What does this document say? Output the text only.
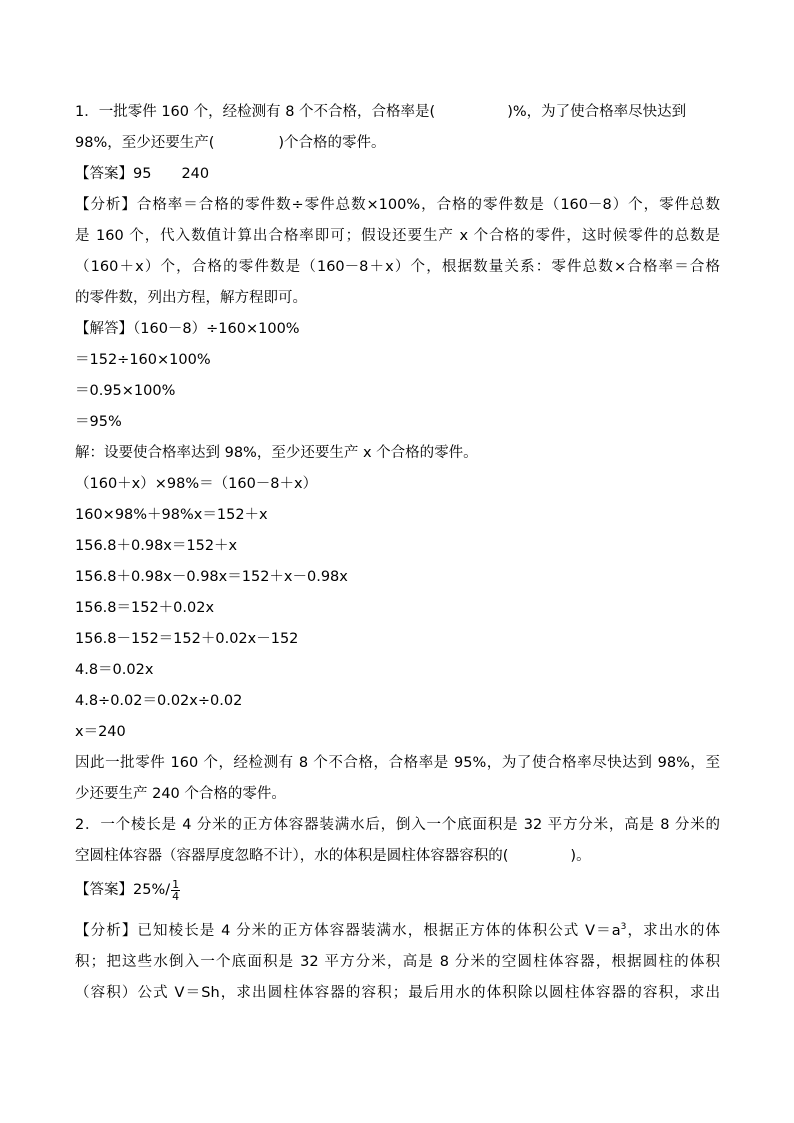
1．一批零件 160 个，经检测有 8 个不合格，合格率是(	)%，为了使合格率尽快达到
98%，至少还要生产(	)个合格的零件。
【答案】95 240
【分析】合格率＝合格的零件数÷零件总数×100%，合格的零件数是（160－8）个，零件总数
是 160 个，代入数值计算出合格率即可；假设还要生产 x 个合格的零件，这时候零件的总数是
（160＋x）个，合格的零件数是（160－8＋x）个，根据数量关系：零件总数×合格率＝合格
的零件数，列出方程，解方程即可。
【解答】（160－8）÷160×100%
＝152÷160×100%
＝0.95×100%
＝95%
解：设要使合格率达到 98%，至少还要生产 x 个合格的零件。
（160＋x）×98%＝（160－8＋x）
160×98%＋98%x＝152＋x
156.8＋0.98x＝152＋x
156.8＋0.98x－0.98x＝152＋x－0.98x
156.8＝152＋0.02x
156.8－152＝152＋0.02x－152
4.8＝0.02x
4.8÷0.02＝0.02x÷0.02
x＝240
因此一批零件 160 个，经检测有 8 个不合格，合格率是 95%，为了使合格率尽快达到 98%，至
少还要生产 240 个合格的零件。
2．一个棱长是 4 分米的正方体容器装满水后，倒入一个底面积是 32 平方分米，高是 8 分米的
空圆柱体容器（容器厚度忽略不计），水的体积是圆柱体容器容积的(	)。
【答案】$25\%/ \frac{1}{4}$
【分析】已知棱长是 4 分米的正方体容器装满水，根据正方体的体积公式 $V=a^3$，求出水的体
积；把这些水倒入一个底面积是 32 平方分米，高是 8 分米的空圆柱体容器，根据圆柱的体积
（容积）公式 V＝Sh，求出圆柱体容器的容积；最后用水的体积除以圆柱体容器的容积，求出
